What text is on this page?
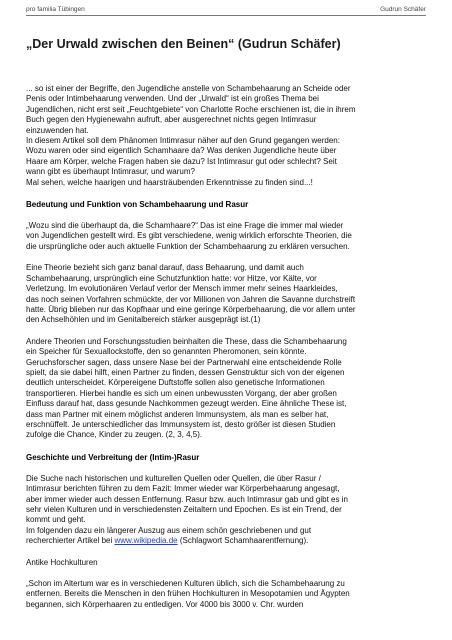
pro familia Tübingen	Gudrun Schäfer
„Der Urwald zwischen den Beinen“ (Gudrun Schäfer)

... so ist einer der Begriffe, den Jugendliche anstelle von Schambehaarung an Scheide oder
Penis oder Intimbehaarung verwenden. Und der „Urwald“ ist ein großes Thema bei
Jugendlichen, nicht erst seit „Feuchtgebiete“ von Charlotte Roche erschienen ist, die in ihrem
Buch gegen den Hygienewahn aufruft, aber ausgerechnet nichts gegen Intimrasur
einzuwenden hat.
In diesem Artikel soll dem Phänomen Intimrasur näher auf den Grund gegangen werden:
Wozu waren oder sind eigentlich Schamhaare da? Was denken Jugendliche heute über
Haare am Körper, welche Fragen haben sie dazu? Ist Intimrasur gut oder schlecht? Seit
wann gibt es überhaupt Intimrasur, und warum?
Mal sehen, welche haarigen und haarsträubenden Erkenntnisse zu finden sind...!

Bedeutung und Funktion von Schambehaarung und Rasur

„Wozu sind die überhaupt da, die Schamhaare?“ Das ist eine Frage die immer mal wieder
von Jugendlichen gestellt wird. Es gibt verschiedene, wenig wirklich erforschte Theorien, die
die ursprüngliche oder auch aktuelle Funktion der Schambehaarung zu erklären versuchen.

Eine Theorie bezieht sich ganz banal darauf, dass Behaarung, und damit auch
Schambehaarung, ursprünglich eine Schutzfunktion hatte: vor Hitze, vor Kälte, vor
Verletzung. Im evolutionären Verlauf verlor der Mensch immer mehr seines Haarkleides,
das noch seinen Vorfahren schmückte, der vor Millionen von Jahren die Savanne durchstreift
hatte. Übrig blieben nur das Kopfhaar und eine geringe Körperbehaarung, die vor allem unter
den Achselhöhlen und im Genitalbereich stärker ausgeprägt ist.(1)

Andere Theorien und Forschungsstudien beinhalten die These, dass die Schambehaarung
ein Speicher für Sexuallockstoffe, den so genannten Pheromonen, sein könnte.
Geruchsforscher sagen, dass unsere Nase bei der Partnerwahl eine entscheidende Rolle
spielt, da sie dabei hilft, einen Partner zu finden, dessen Genstruktur sich von der eigenen
deutlich unterscheidet. Körpereigene Duftstoffe sollen also genetische Informationen
transportieren. Hierbei handle es sich um einen unbewussten Vorgang, der aber großen
Einfluss darauf hat, dass gesunde Nachkommen gezeugt werden. Eine ähnliche These ist,
dass man Partner mit einem möglichst anderen Immunsystem, als man es selber hat,
erschnüffelt. Je unterschiedlicher das Immunsystem ist, desto größer ist diesen Studien
zufolge die Chance, Kinder zu zeugen. (2, 3, 4,5).

Geschichte und Verbreitung der (Intim-)Rasur

Die Suche nach historischen und kulturellen Quellen oder Quellen, die über Rasur /
Intimrasur berichten führen zu dem Fazit: Immer wieder war Körperbehaarung angesagt,
aber immer wieder auch dessen Entfernung. Rasur bzw. auch Intimrasur gab und gibt es in
sehr vielen Kulturen und in verschiedensten Zeitaltern und Epochen. Es ist ein Trend, der
kommt und geht.
Im folgenden dazu ein längerer Auszug aus einem schön geschriebenen und gut
recherchierter Artikel bei www.wikipedia.de (Schlagwort Schamhaarentfernung).

Antike Hochkulturen

„Schon im Altertum war es in verschiedenen Kulturen üblich, sich die Schambehaarung zu
entfernen. Bereits die Menschen in den frühen Hochkulturen in Mesopotamien und Ägypten
begannen, sich Körperhaaren zu entledigen. Vor 4000 bis 3000 v. Chr. wurden
